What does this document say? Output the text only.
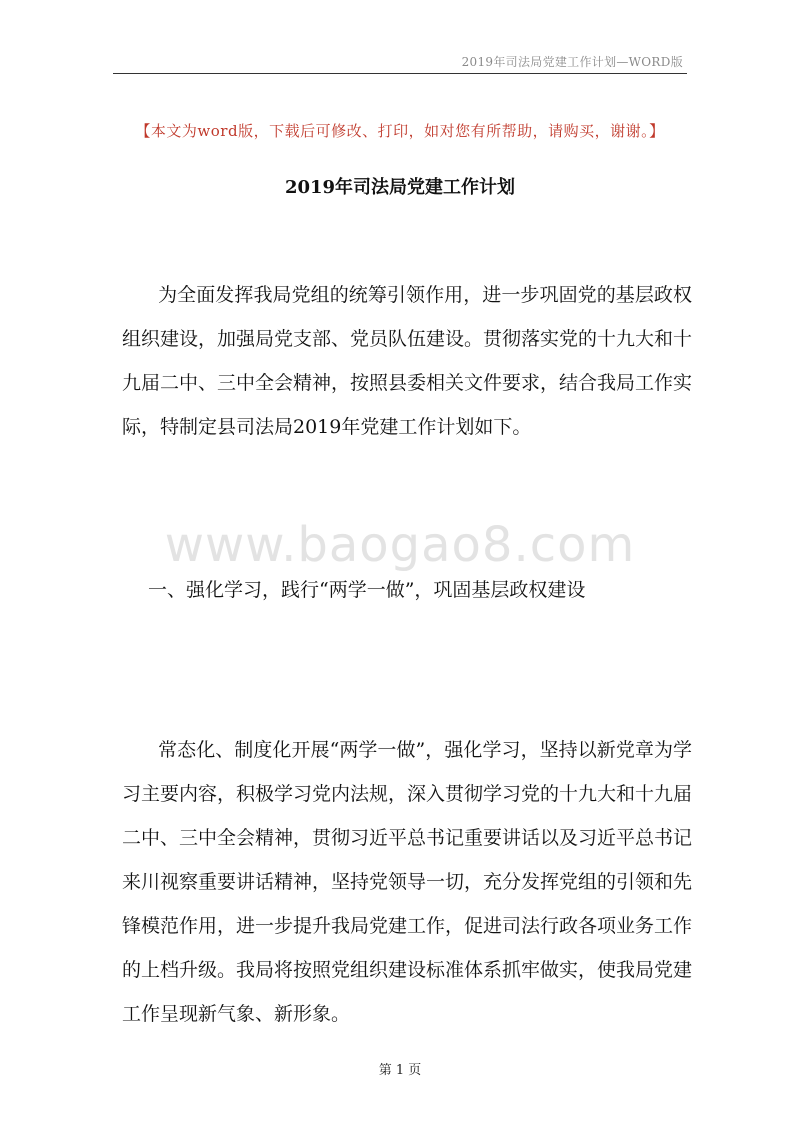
2019年司法局党建工作计划—WORD版
【本文为word版，下载后可修改、打印，如对您有所帮助，请购买，谢谢。】
2019年司法局党建工作计划

为全面发挥我局党组的统筹引领作用，进一步巩固党的基层政权组织建设，加强局党支部、党员队伍建设。贯彻落实党的十九大和十九届二中、三中全会精神，按照县委相关文件要求，结合我局工作实际，特制定县司法局2019年党建工作计划如下。

www.baogao8.com

一、强化学习，践行“两学一做”，巩固基层政权建设

常态化、制度化开展“两学一做”，强化学习，坚持以新党章为学习主要内容，积极学习党内法规，深入贯彻学习党的十九大和十九届二中、三中全会精神，贯彻习近平总书记重要讲话以及习近平总书记来川视察重要讲话精神，坚持党领导一切，充分发挥党组的引领和先锋模范作用，进一步提升我局党建工作，促进司法行政各项业务工作的上档升级。我局将按照党组织建设标准体系抓牢做实，使我局党建工作呈现新气象、新形象。

第 1 页
